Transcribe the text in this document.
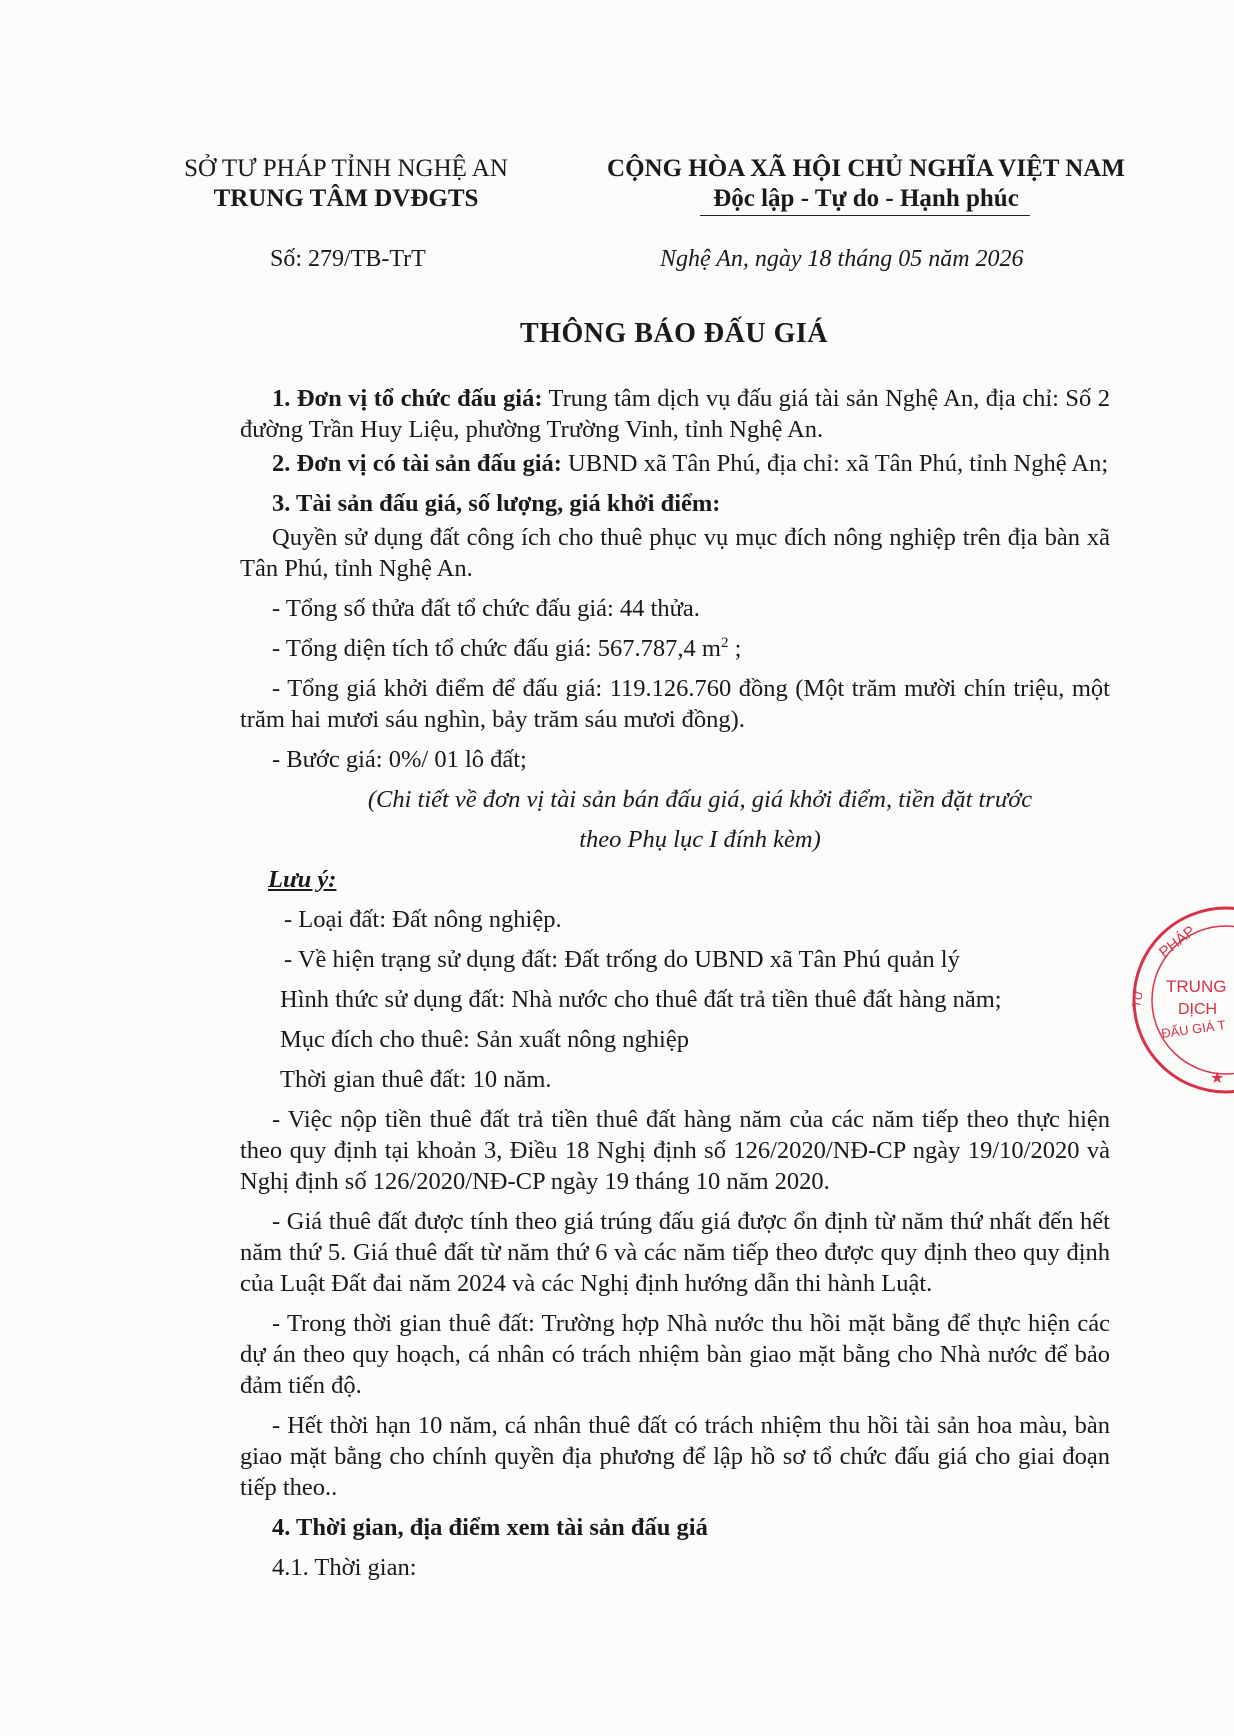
SỞ TƯ PHÁP TỈNH NGHỆ AN
TRUNG TÂM DVĐGTS
CỘNG HÒA XÃ HỘI CHỦ NGHĨA VIỆT NAM
Độc lập - Tự do - Hạnh phúc
Số: 279/TB-TrT	Nghệ An, ngày 18 tháng 05 năm 2026
THÔNG BÁO ĐẤU GIÁ

1. Đơn vị tổ chức đấu giá: Trung tâm dịch vụ đấu giá tài sản Nghệ An, địa chỉ: Số 2 đường Trần Huy Liệu, phường Trường Vinh, tỉnh Nghệ An.

2. Đơn vị có tài sản đấu giá: UBND xã Tân Phú, địa chỉ: xã Tân Phú, tỉnh Nghệ An;

3. Tài sản đấu giá, số lượng, giá khởi điểm:

Quyền sử dụng đất công ích cho thuê phục vụ mục đích nông nghiệp trên địa bàn xã Tân Phú, tỉnh Nghệ An.

- Tổng số thửa đất tổ chức đấu giá: 44 thửa.

- Tổng diện tích tổ chức đấu giá: 567.787,4 $m^2$ ;

- Tổng giá khởi điểm để đấu giá: 119.126.760 đồng (Một trăm mười chín triệu, một trăm hai mươi sáu nghìn, bảy trăm sáu mươi đồng).

- Bước giá: 0%/ 01 lô đất;

(Chi tiết về đơn vị tài sản bán đấu giá, giá khởi điểm, tiền đặt trước

theo Phụ lục I đính kèm)

Lưu ý:

- Loại đất: Đất nông nghiệp.

- Về hiện trạng sử dụng đất: Đất trống do UBND xã Tân Phú quản lý

Hình thức sử dụng đất: Nhà nước cho thuê đất trả tiền thuê đất hàng năm;

Mục đích cho thuê: Sản xuất nông nghiệp

Thời gian thuê đất: 10 năm.

- Việc nộp tiền thuê đất trả tiền thuê đất hàng năm của các năm tiếp theo thực hiện theo quy định tại khoản 3, Điều 18 Nghị định số 126/2020/NĐ-CP ngày 19/10/2020 và Nghị định số 126/2020/NĐ-CP ngày 19 tháng 10 năm 2020.

- Giá thuê đất được tính theo giá trúng đấu giá được ổn định từ năm thứ nhất đến hết năm thứ 5. Giá thuê đất từ năm thứ 6 và các năm tiếp theo được quy định theo quy định của Luật Đất đai năm 2024 và các Nghị định hướng dẫn thi hành Luật.

- Trong thời gian thuê đất: Trường hợp Nhà nước thu hồi mặt bằng để thực hiện các dự án theo quy hoạch, cá nhân có trách nhiệm bàn giao mặt bằng cho Nhà nước để bảo đảm tiến độ.

- Hết thời hạn 10 năm, cá nhân thuê đất có trách nhiệm thu hồi tài sản hoa màu, bàn giao mặt bằng cho chính quyền địa phương để lập hồ sơ tổ chức đấu giá cho giai đoạn tiếp theo..

4. Thời gian, địa điểm xem tài sản đấu giá

4.1. Thời gian:

PHÁP
TRUNG
DỊCH
ĐẤU GIÁ T
TƯ
★
